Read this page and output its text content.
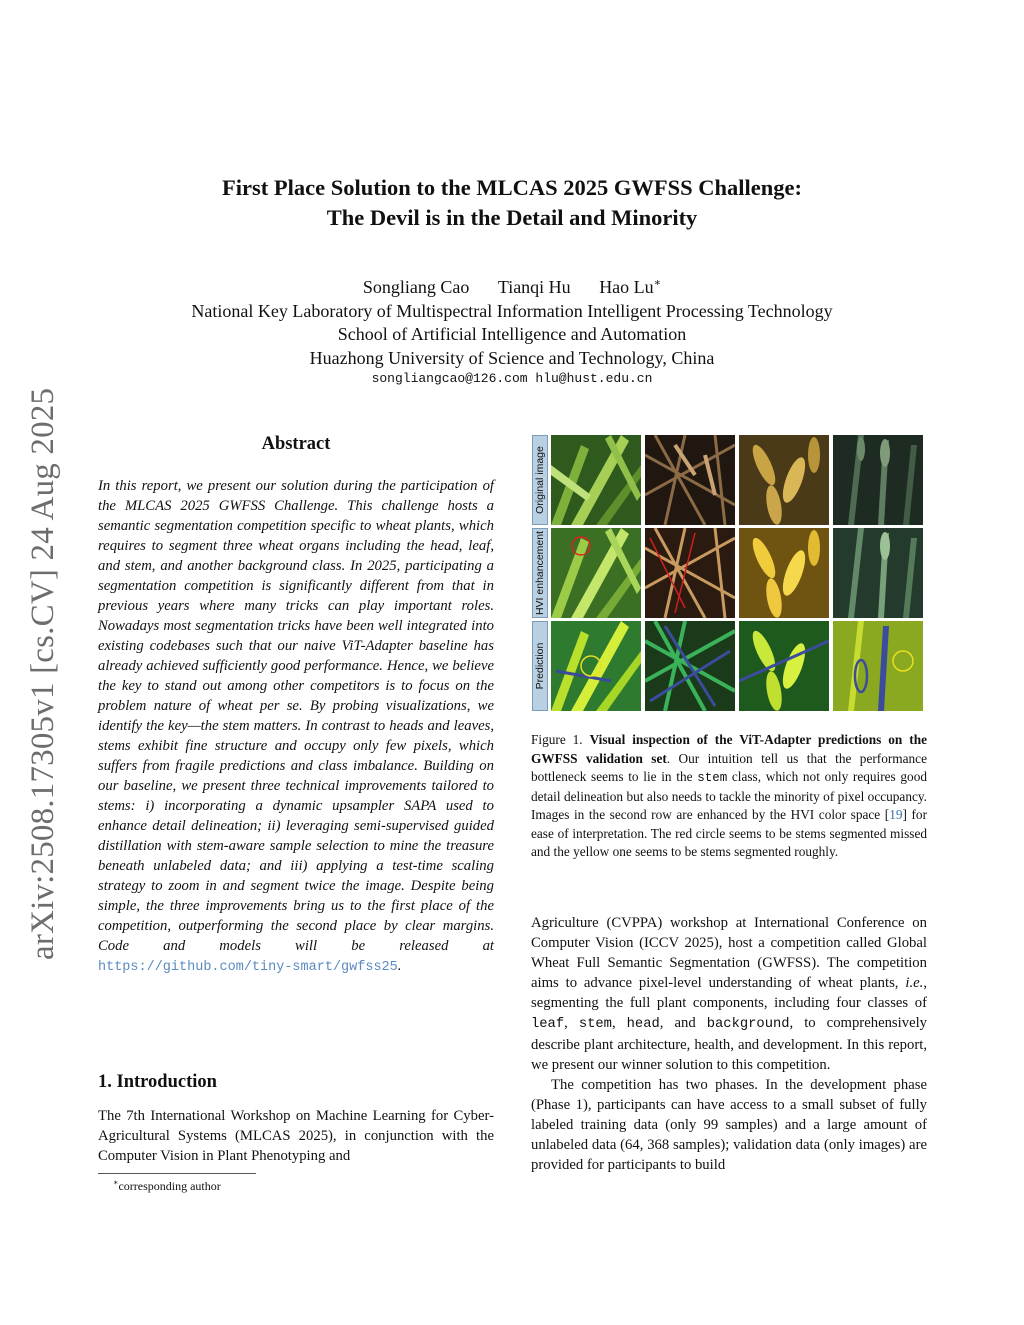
arXiv:2508.17305v1 [cs.CV] 24 Aug 2025
First Place Solution to the MLCAS 2025 GWFSS Challenge:
The Devil is in the Detail and Minority
Songliang Cao Tianqi Hu Hao Lu∗
National Key Laboratory of Multispectral Information Intelligent Processing Technology
School of Artificial Intelligence and Automation
Huazhong University of Science and Technology, China
songliangcao@126.com hlu@hust.edu.cn
Abstract
In this report, we present our solution during the participation of the MLCAS 2025 GWFSS Challenge. This challenge hosts a semantic segmentation competition specific to wheat plants, which requires to segment three wheat organs including the head, leaf, and stem, and another background class. In 2025, participating a segmentation competition is significantly different from that in previous years where many tricks can play important roles. Nowadays most segmentation tricks have been well integrated into existing codebases such that our naive ViT-Adapter baseline has already achieved sufficiently good performance. Hence, we believe the key to stand out among other competitors is to focus on the problem nature of wheat per se. By probing visualizations, we identify the key—the stem matters. In contrast to heads and leaves, stems exhibit fine structure and occupy only few pixels, which suffers from fragile predictions and class imbalance. Building on our baseline, we present three technical improvements tailored to stems: i) incorporating a dynamic upsampler SAPA used to enhance detail delineation; ii) leveraging semi-supervised guided distillation with stem-aware sample selection to mine the treasure beneath unlabeled data; and iii) applying a test-time scaling strategy to zoom in and segment twice the image. Despite being simple, the three improvements bring us to the first place of the competition, outperforming the second place by clear margins. Code and models will be released at https://github.com/tiny-smart/gwfss25.
1. Introduction
The 7th International Workshop on Machine Learning for Cyber-Agricultural Systems (MLCAS 2025), in conjunction with the Computer Vision in Plant Phenotyping and
∗corresponding author
Original image
HVI enhancement
Prediction
Figure 1. Visual inspection of the ViT-Adapter predictions on the GWFSS validation set. Our intuition tell us that the performance bottleneck seems to lie in the stem class, which not only requires good detail delineation but also needs to tackle the minority of pixel occupancy. Images in the second row are enhanced by the HVI color space [19] for ease of interpretation. The red circle seems to be stems segmented missed and the yellow one seems to be stems segmented roughly.

Agriculture (CVPPA) workshop at International Conference on Computer Vision (ICCV 2025), host a competition called Global Wheat Full Semantic Segmentation (GWFSS). The competition aims to advance pixel-level understanding of wheat plants, i.e., segmenting the full plant components, including four classes of leaf, stem, head, and background, to comprehensively describe plant architecture, health, and development. In this report, we present our winner solution to this competition.

The competition has two phases. In the development phase (Phase 1), participants can have access to a small subset of fully labeled training data (only 99 samples) and a large amount of unlabeled data (64, 368 samples); validation data (only images) are provided for participants to build
